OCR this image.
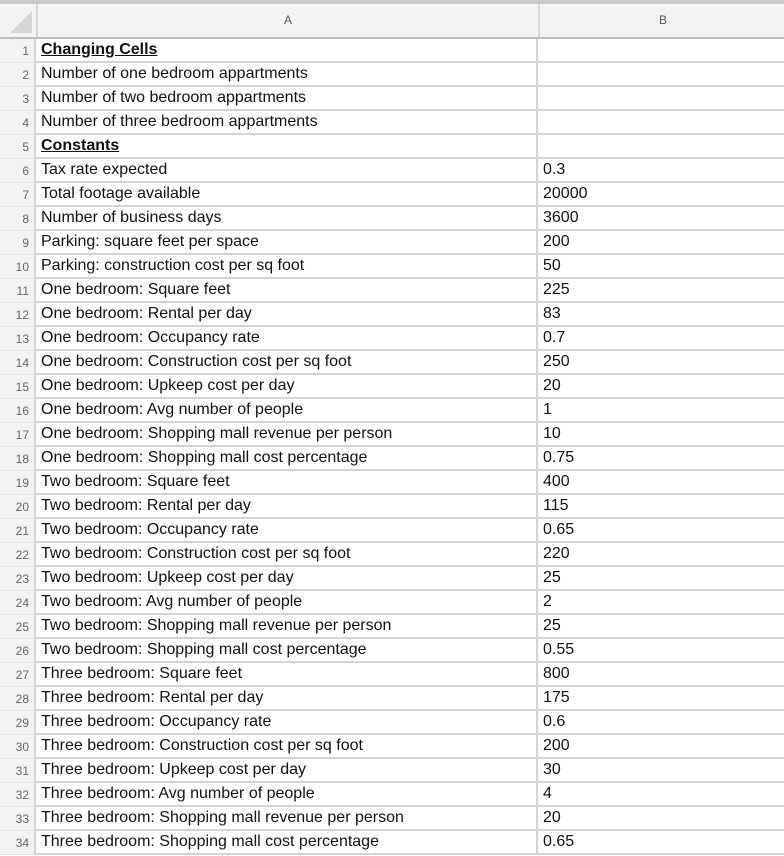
A	B
1 Changing Cells
2 Number of one bedroom appartments
3 Number of two bedroom appartments
4 Number of three bedroom appartments
5 Constants
6 Tax rate expected	0.3
7 Total footage available	20000
8 Number of business days	3600
9 Parking: square feet per space	200
10 Parking: construction cost per sq foot	50
11 One bedroom: Square feet	225
12 One bedroom: Rental per day	83
13 One bedroom: Occupancy rate	0.7
14 One bedroom: Construction cost per sq foot	250
15 One bedroom: Upkeep cost per day	20
16 One bedroom: Avg number of people	1
17 One bedroom: Shopping mall revenue per person	10
18 One bedroom: Shopping mall cost percentage	0.75
19 Two bedroom: Square feet	400
20 Two bedroom: Rental per day	115
21 Two bedroom: Occupancy rate	0.65
22 Two bedroom: Construction cost per sq foot	220
23 Two bedroom: Upkeep cost per day	25
24 Two bedroom: Avg number of people	2
25 Two bedroom: Shopping mall revenue per person	25
26 Two bedroom: Shopping mall cost percentage	0.55
27 Three bedroom: Square feet	800
28 Three bedroom: Rental per day	175
29 Three bedroom: Occupancy rate	0.6
30 Three bedroom: Construction cost per sq foot	200
31 Three bedroom: Upkeep cost per day	30
32 Three bedroom: Avg number of people	4
33 Three bedroom: Shopping mall revenue per person	20
34 Three bedroom: Shopping mall cost percentage	0.65
